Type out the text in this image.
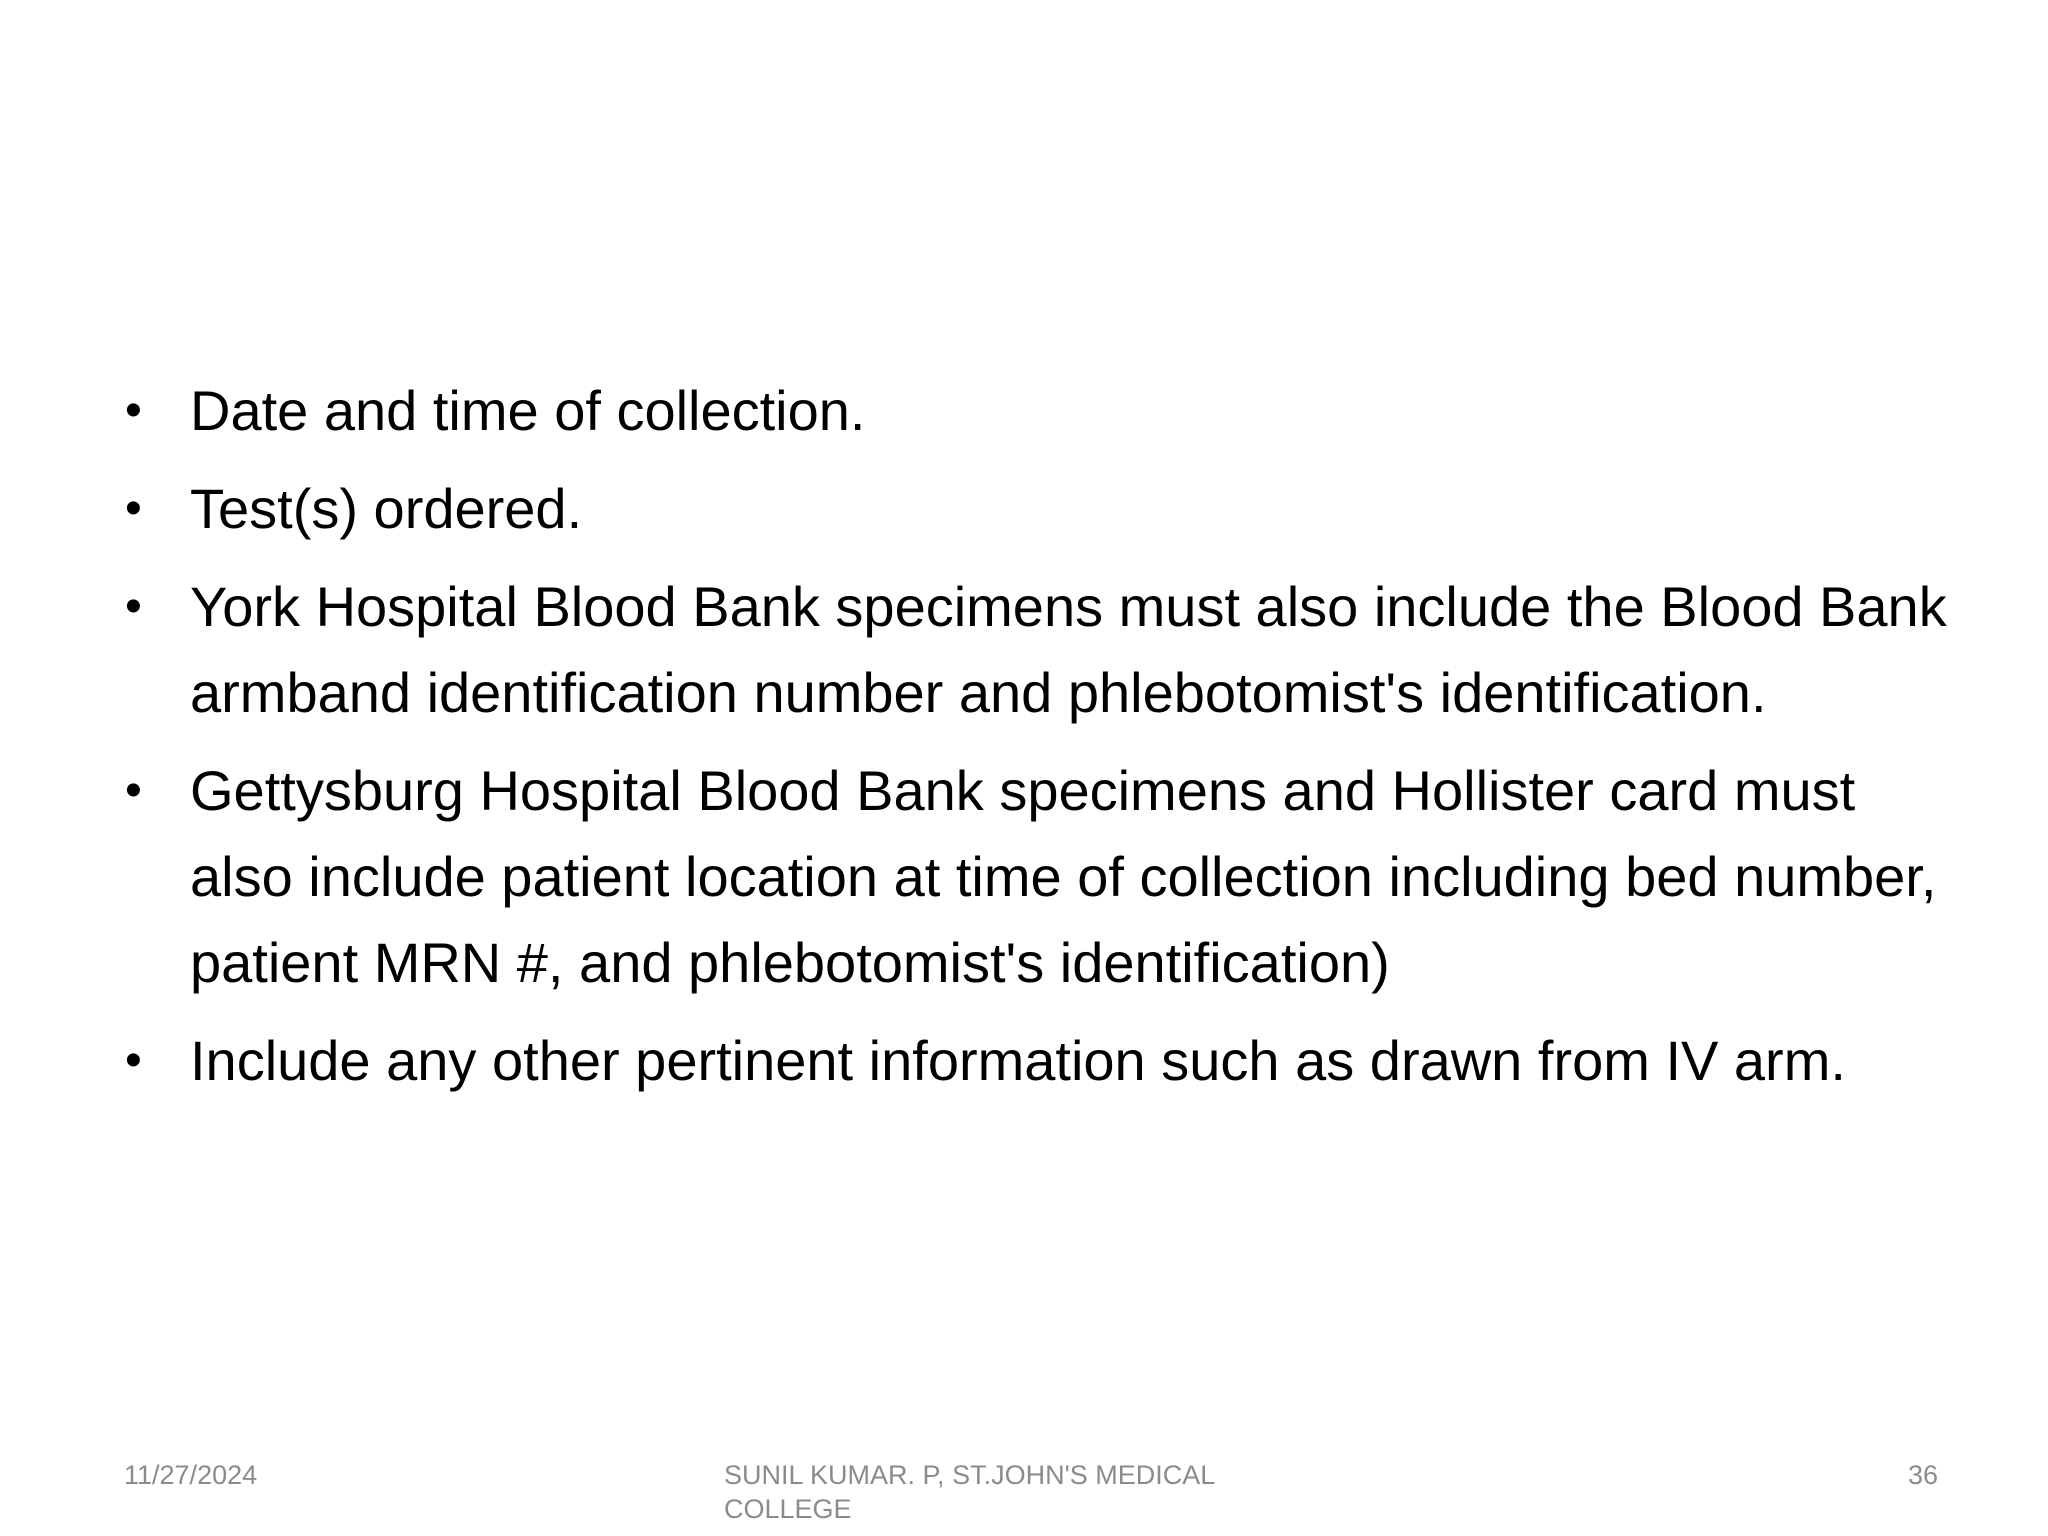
• Date and time of collection.
• Test(s) ordered.
• York Hospital Blood Bank specimens must also include the Blood Bank armband identification number and phlebotomist's identification.
• Gettysburg Hospital Blood Bank specimens and Hollister card must also include patient location at time of collection including bed number, patient MRN #, and phlebotomist's identification)
• Include any other pertinent information such as drawn from IV arm.
11/27/2024	SUNIL KUMAR. P, ST.JOHN'S MEDICAL COLLEGE
36
